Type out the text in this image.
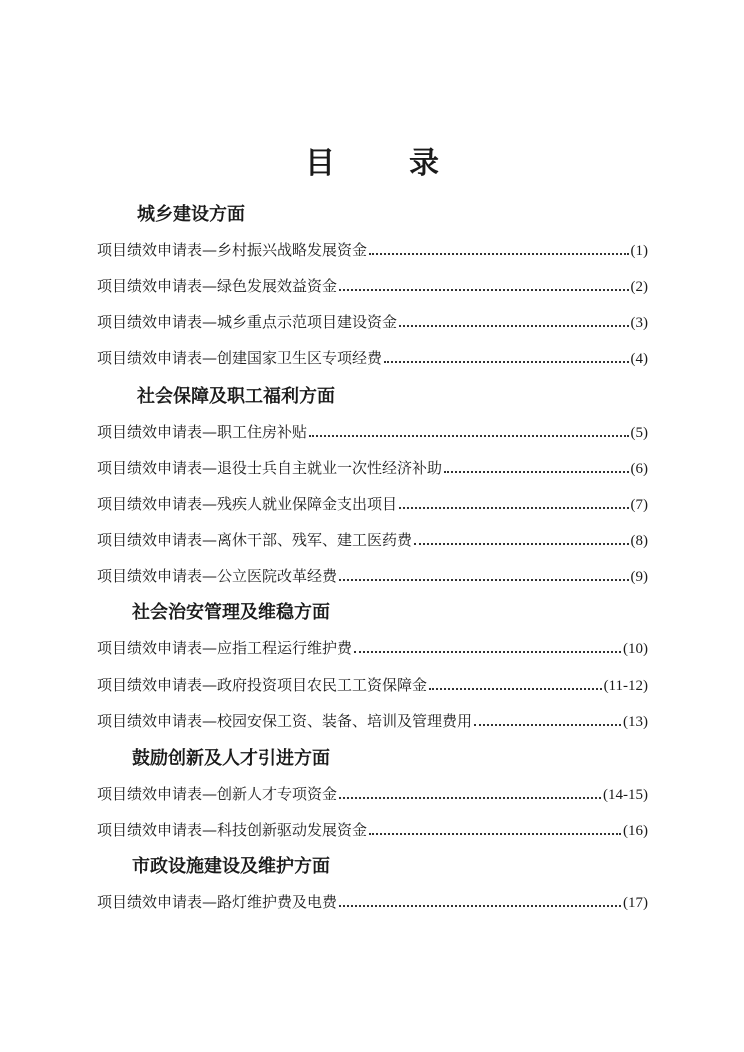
目　录
城乡建设方面
项目绩效申请表—乡村振兴战略发展资金	(1)
项目绩效申请表—绿色发展效益资金	(2)
项目绩效申请表—城乡重点示范项目建设资金	(3)
项目绩效申请表—创建国家卫生区专项经费	(4)
社会保障及职工福利方面
项目绩效申请表—职工住房补贴	(5)
项目绩效申请表—退役士兵自主就业一次性经济补助	(6)
项目绩效申请表—残疾人就业保障金支出项目	(7)
项目绩效申请表—离休干部、残军、建工医药费	(8)
项目绩效申请表—公立医院改革经费	(9)
社会治安管理及维稳方面
项目绩效申请表—应指工程运行维护费	(10)
项目绩效申请表—政府投资项目农民工工资保障金	(11-12)
项目绩效申请表—校园安保工资、装备、培训及管理费用	(13)
鼓励创新及人才引进方面
项目绩效申请表—创新人才专项资金	(14-15)
项目绩效申请表—科技创新驱动发展资金	(16)
市政设施建设及维护方面
项目绩效申请表—路灯维护费及电费	(17)
